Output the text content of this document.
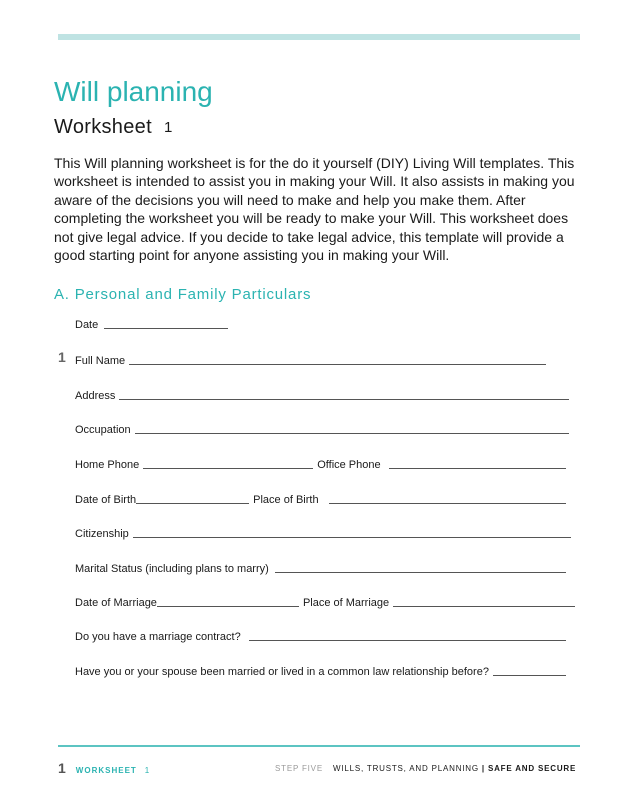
Will planning
Worksheet 1
This Will planning worksheet is for the do it yourself (DIY) Living Will templates. This worksheet is intended to assist you in making your Will. It also assists in making you aware of the decisions you will need to make and help you make them. After completing the worksheet you will be ready to make your Will. This worksheet does not give legal advice. If you decide to take legal advice, this template will provide a good starting point for anyone assisting you in making your Will.
A. Personal and Family Particulars
Date
1 Full Name
Address
Occupation
Home Phone	Office Phone
Date of Birth	Place of Birth
Citizenship
Marital Status (including plans to marry)
Date of Marriage	Place of Marriage
Do you have a marriage contract?
Have you or your spouse been married or lived in a common law relationship before?
1 WORKSHEET 1	STEP FIVE WILLS, TRUSTS, AND PLANNING | SAFE AND SECURE
